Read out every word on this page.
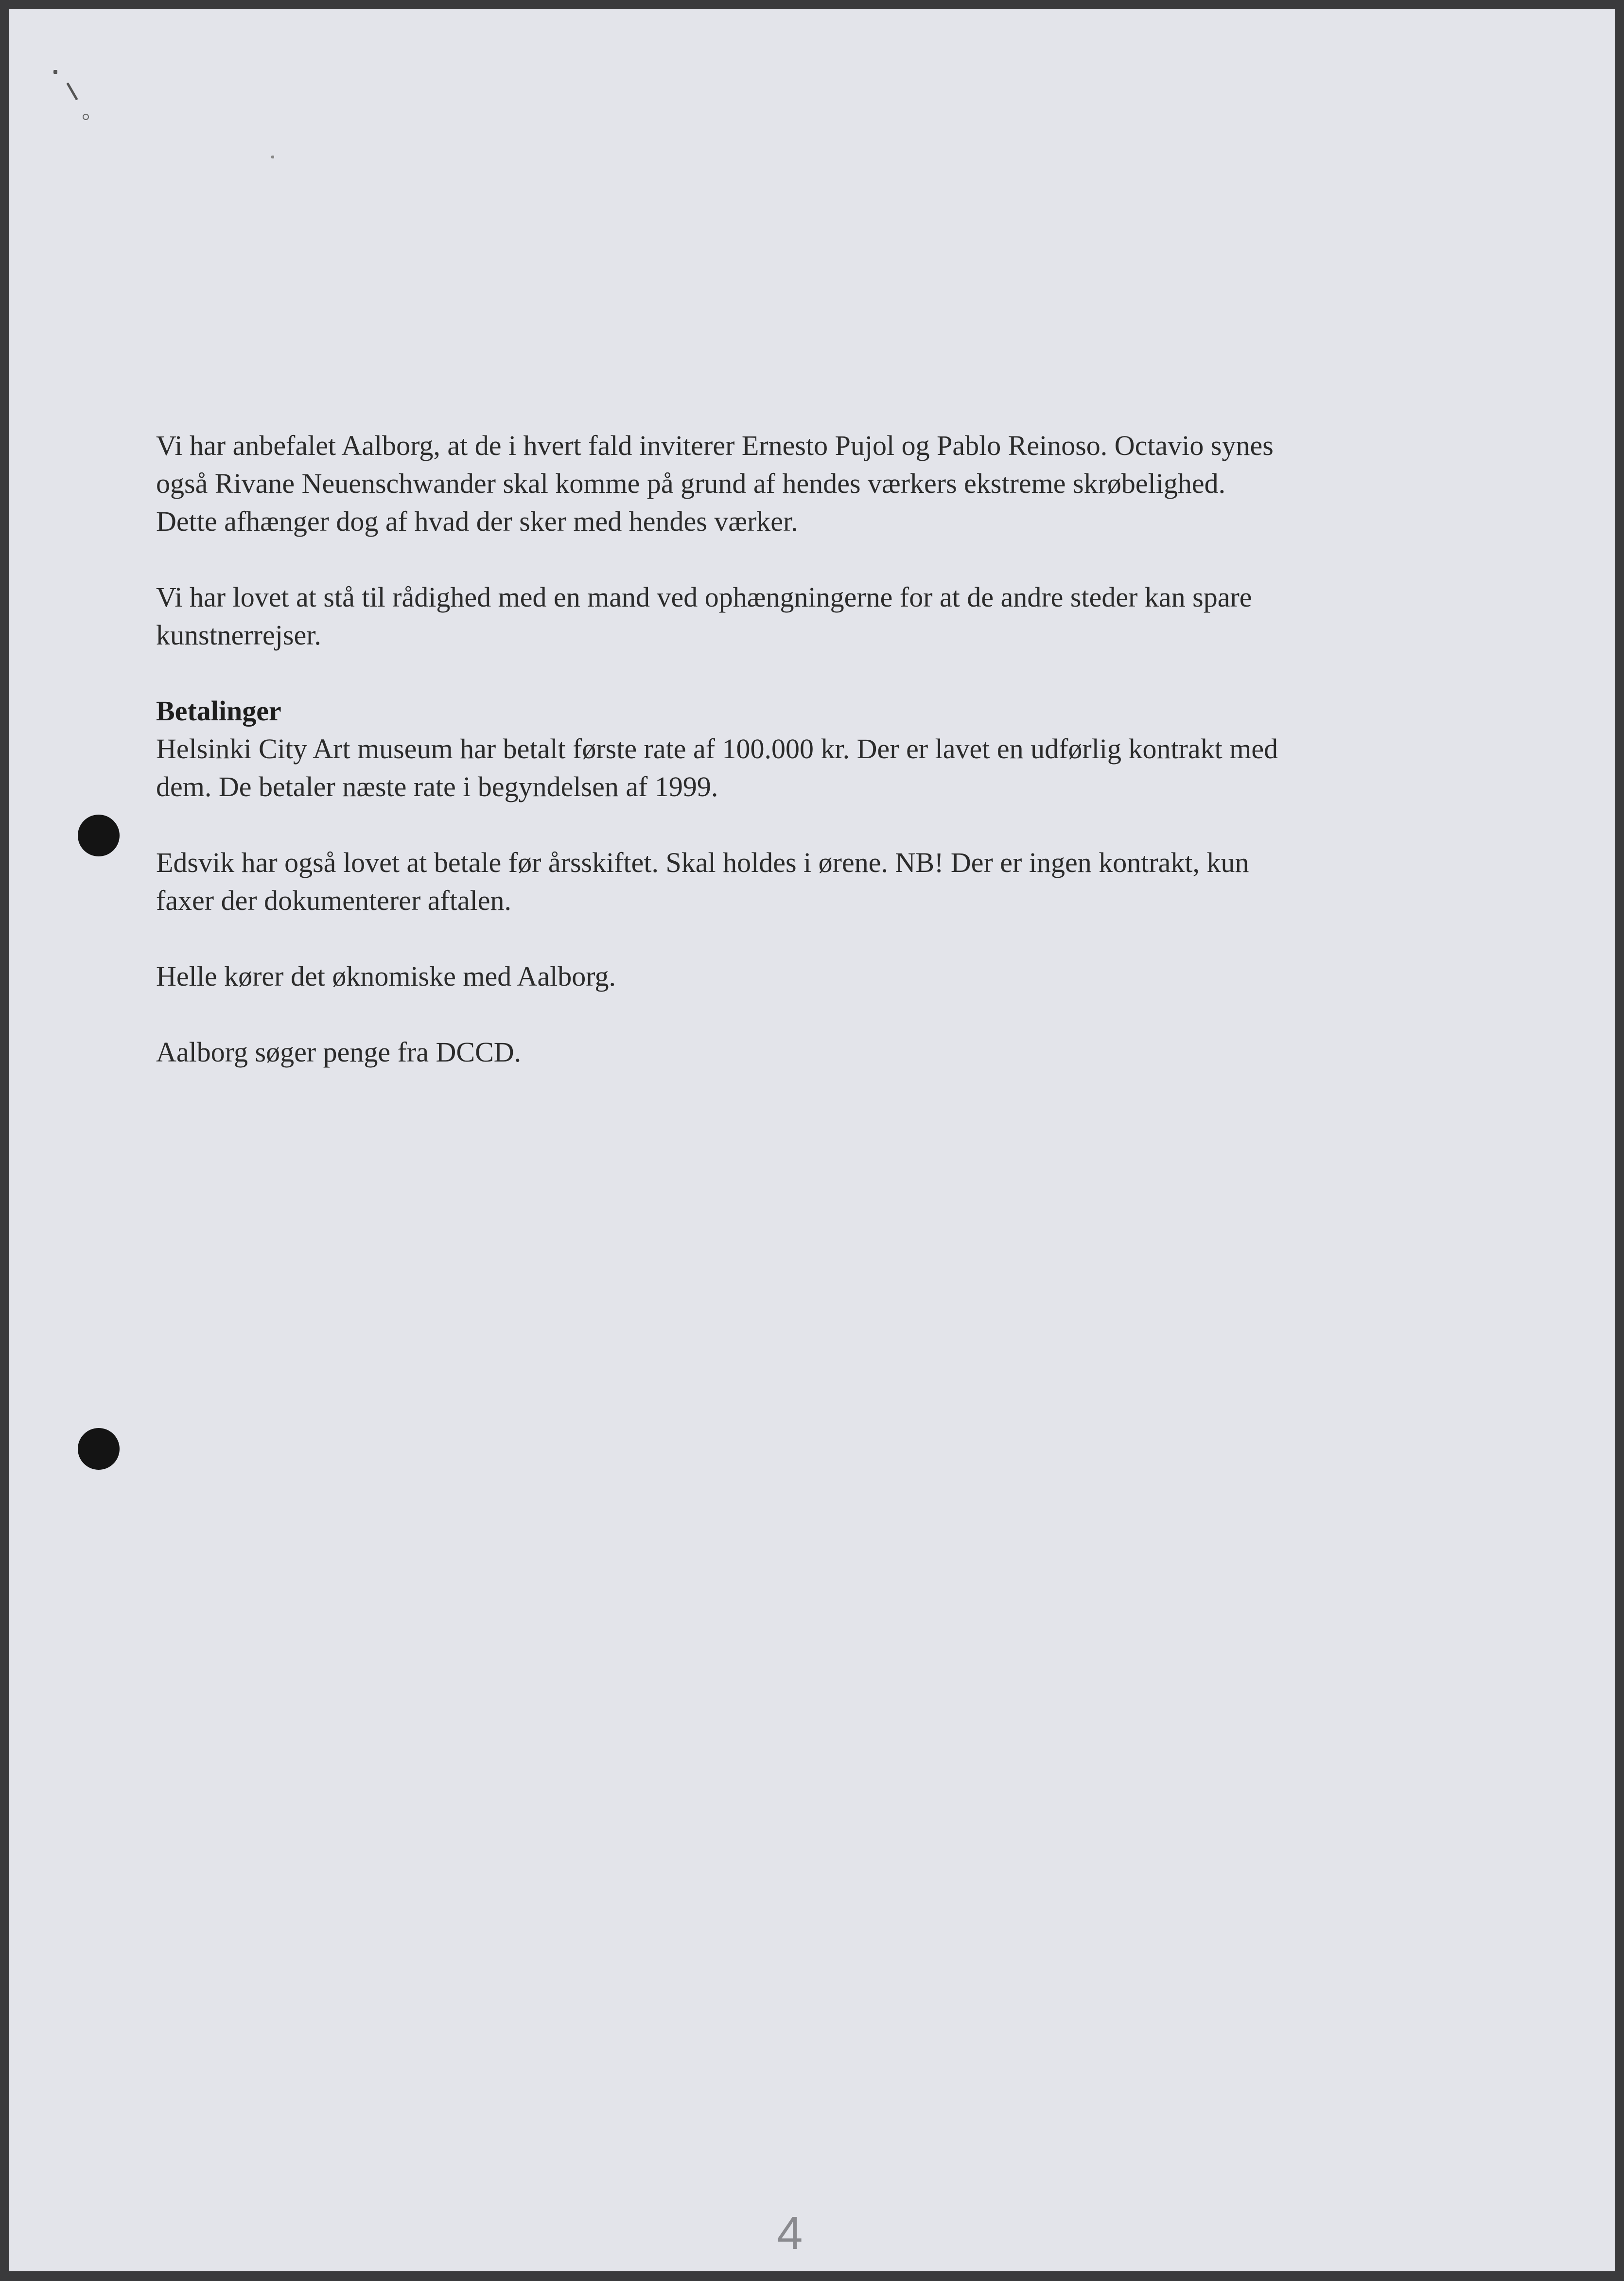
Vi har anbefalet Aalborg, at de i hvert fald inviterer Ernesto Pujol og Pablo Reinoso. Octavio synes
også Rivane Neuenschwander skal komme på grund af hendes værkers ekstreme skrøbelighed.
Dette afhænger dog af hvad der sker med hendes værker.

Vi har lovet at stå til rådighed med en mand ved ophængningerne for at de andre steder kan spare
kunstnerrejser.

Betalinger

Helsinki City Art museum har betalt første rate af 100.000 kr. Der er lavet en udførlig kontrakt med
dem. De betaler næste rate i begyndelsen af 1999.

Edsvik har også lovet at betale før årsskiftet. Skal holdes i ørene. NB! Der er ingen kontrakt, kun
faxer der dokumenterer aftalen.

Helle kører det øknomiske med Aalborg.

Aalborg søger penge fra DCCD.

4
